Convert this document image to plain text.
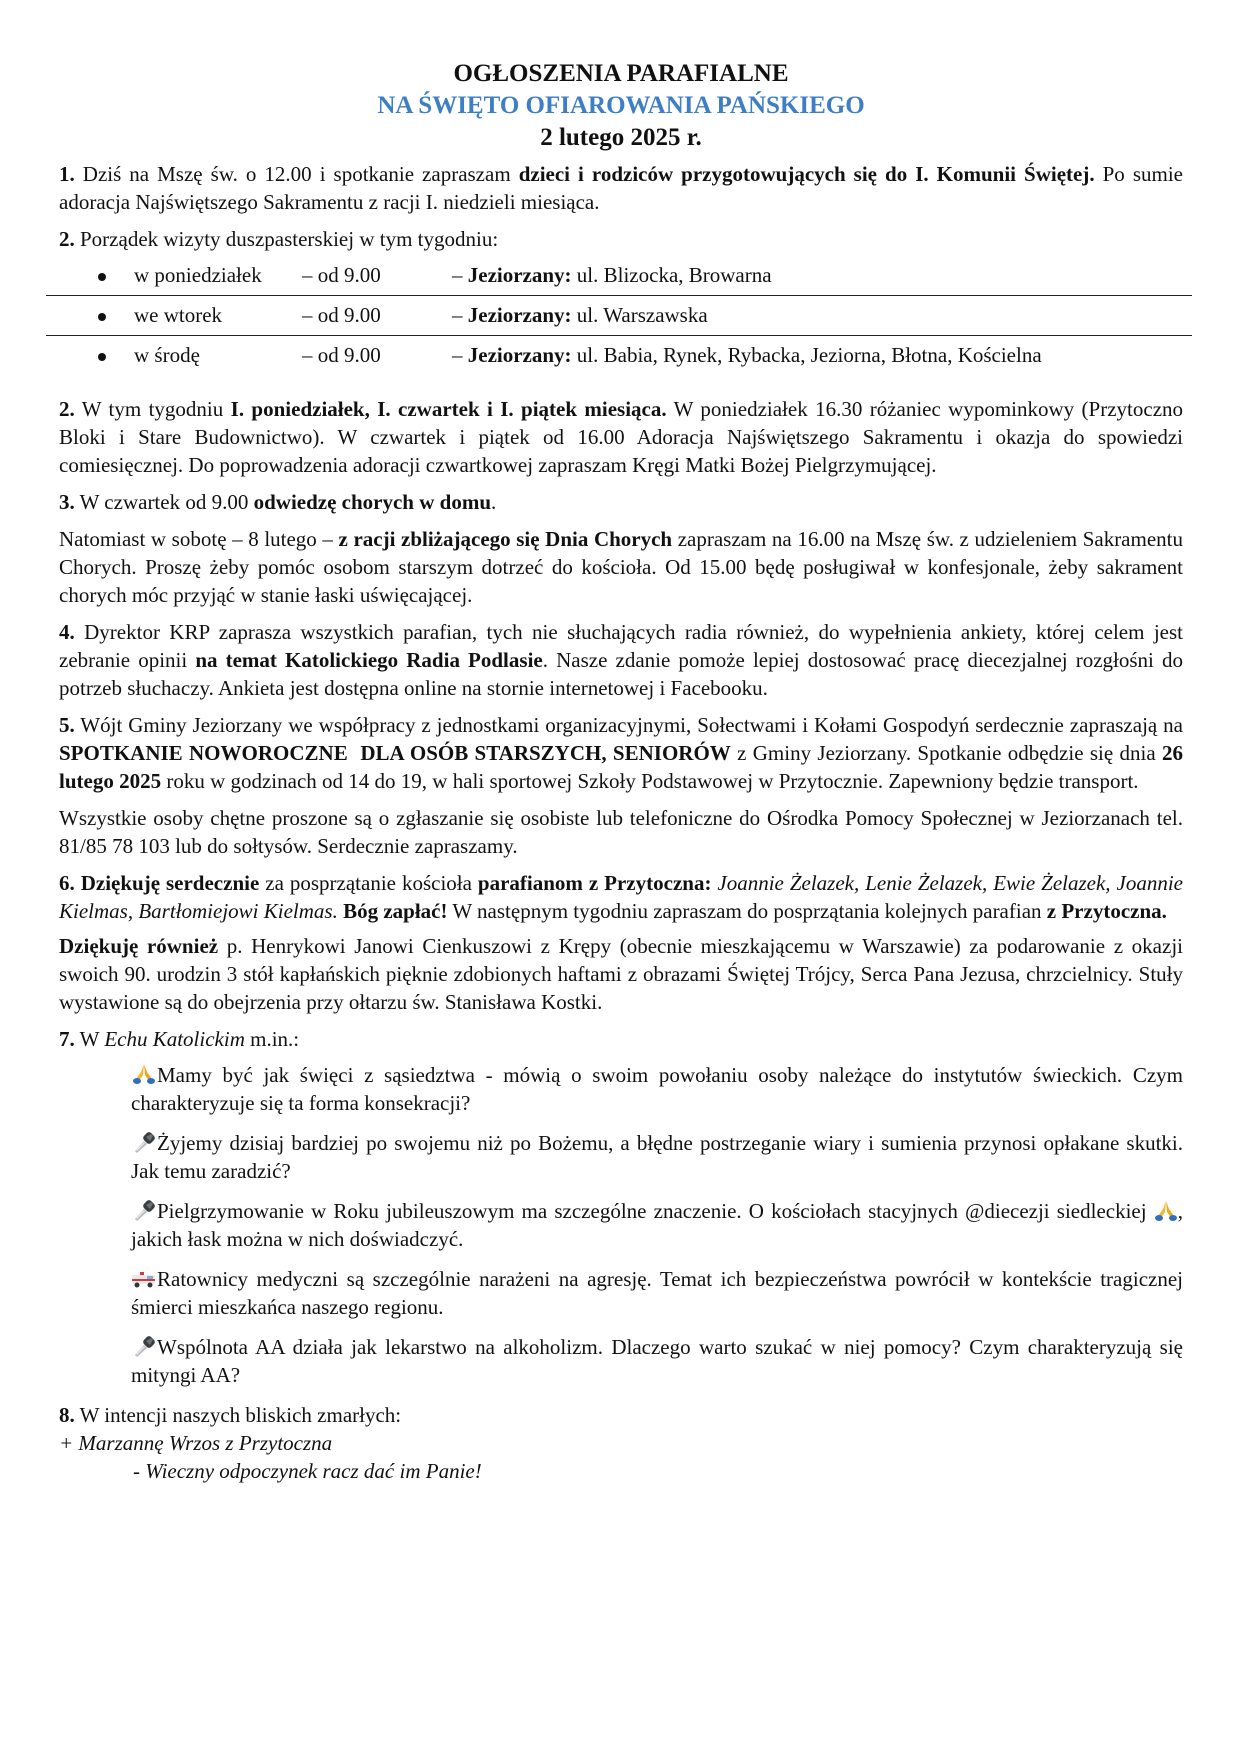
OGŁOSZENIA PARAFIALNE
NA ŚWIĘTO OFIAROWANIA PAŃSKIEGO
2 lutego 2025 r.

1. Dziś na Mszę św. o 12.00 i spotkanie zapraszam dzieci i rodziców przygotowujących się do I. Komunii Świętej. Po sumie adoracja Najświętszego Sakramentu z racji I. niedzieli miesiąca.

2. Porządek wizyty duszpasterskiej w tym tygodniu:

	w poniedziałek	– od 9.00	– Jeziorzany: ul. Blizocka, Browarna
	we wtorek	– od 9.00	– Jeziorzany: ul. Warszawska
	w środę	– od 9.00	– Jeziorzany: ul. Babia, Rynek, Rybacka, Jeziorna, Błotna, Kościelna

2. W tym tygodniu I. poniedziałek, I. czwartek i I. piątek miesiąca. W poniedziałek 16.30 różaniec wypominkowy (Przytoczno Bloki i Stare Budownictwo). W czwartek i piątek od 16.00 Adoracja Najświętszego Sakramentu i okazja do spowiedzi comiesięcznej. Do poprowadzenia adoracji czwartkowej zapraszam Kręgi Matki Bożej Pielgrzymującej.

3. W czwartek od 9.00 odwiedzę chorych w domu.

Natomiast w sobotę – 8 lutego – z racji zbliżającego się Dnia Chorych zapraszam na 16.00 na Mszę św. z udzieleniem Sakramentu Chorych. Proszę żeby pomóc osobom starszym dotrzeć do kościoła. Od 15.00 będę posługiwał w konfesjonale, żeby sakrament chorych móc przyjąć w stanie łaski uświęcającej.

4. Dyrektor KRP zaprasza wszystkich parafian, tych nie słuchających radia również, do wypełnienia ankiety, której celem jest zebranie opinii na temat Katolickiego Radia Podlasie. Nasze zdanie pomoże lepiej dostosować pracę diecezjalnej rozgłośni do potrzeb słuchaczy. Ankieta jest dostępna online na stornie internetowej i Facebooku.

5. Wójt Gminy Jeziorzany we współpracy z jednostkami organizacyjnymi, Sołectwami i Kołami Gospodyń serdecznie zapraszają na SPOTKANIE NOWOROCZNE  DLA OSÓB STARSZYCH, SENIORÓW z Gminy Jeziorzany. Spotkanie odbędzie się dnia 26 lutego 2025 roku w godzinach od 14 do 19, w hali sportowej Szkoły Podstawowej w Przytocznie. Zapewniony będzie transport.

Wszystkie osoby chętne proszone są o zgłaszanie się osobiste lub telefoniczne do Ośrodka Pomocy Społecznej w Jeziorzanach tel. 81/85 78 103 lub do sołtysów. Serdecznie zapraszamy.

6. Dziękuję serdecznie za posprzątanie kościoła parafianom z Przytoczna: Joannie Żelazek, Lenie Żelazek, Ewie Żelazek, Joannie Kielmas, Bartłomiejowi Kielmas. Bóg zapłać! W następnym tygodniu zapraszam do posprzątania kolejnych parafian z Przytoczna.

Dziękuję również p. Henrykowi Janowi Cienkuszowi z Krępy (obecnie mieszkającemu w Warszawie) za podarowanie z okazji swoich 90. urodzin 3 stół kapłańskich pięknie zdobionych haftami z obrazami Świętej Trójcy, Serca Pana Jezusa, chrzcielnicy. Stuły wystawione są do obejrzenia przy ołtarzu św. Stanisława Kostki.

7. W Echu Katolickim m.in.:

Mamy być jak święci z sąsiedztwa - mówią o swoim powołaniu osoby należące do instytutów świeckich. Czym charakteryzuje się ta forma konsekracji?

Żyjemy dzisiaj bardziej po swojemu niż po Bożemu, a błędne postrzeganie wiary i sumienia przynosi opłakane skutki. Jak temu zaradzić?

Pielgrzymowanie w Roku jubileuszowym ma szczególne znaczenie. O kościołach stacyjnych @diecezji siedleckiej , jakich łask można w nich doświadczyć.

Ratownicy medyczni są szczególnie narażeni na agresję. Temat ich bezpieczeństwa powrócił w kontekście tragicznej śmierci mieszkańca naszego regionu.

Wspólnota AA działa jak lekarstwo na alkoholizm. Dlaczego warto szukać w niej pomocy? Czym charakteryzują się mityngi AA?

8. W intencji naszych bliskich zmarłych:

+ Marzannę Wrzos z Przytoczna

- Wieczny odpoczynek racz dać im Panie!
